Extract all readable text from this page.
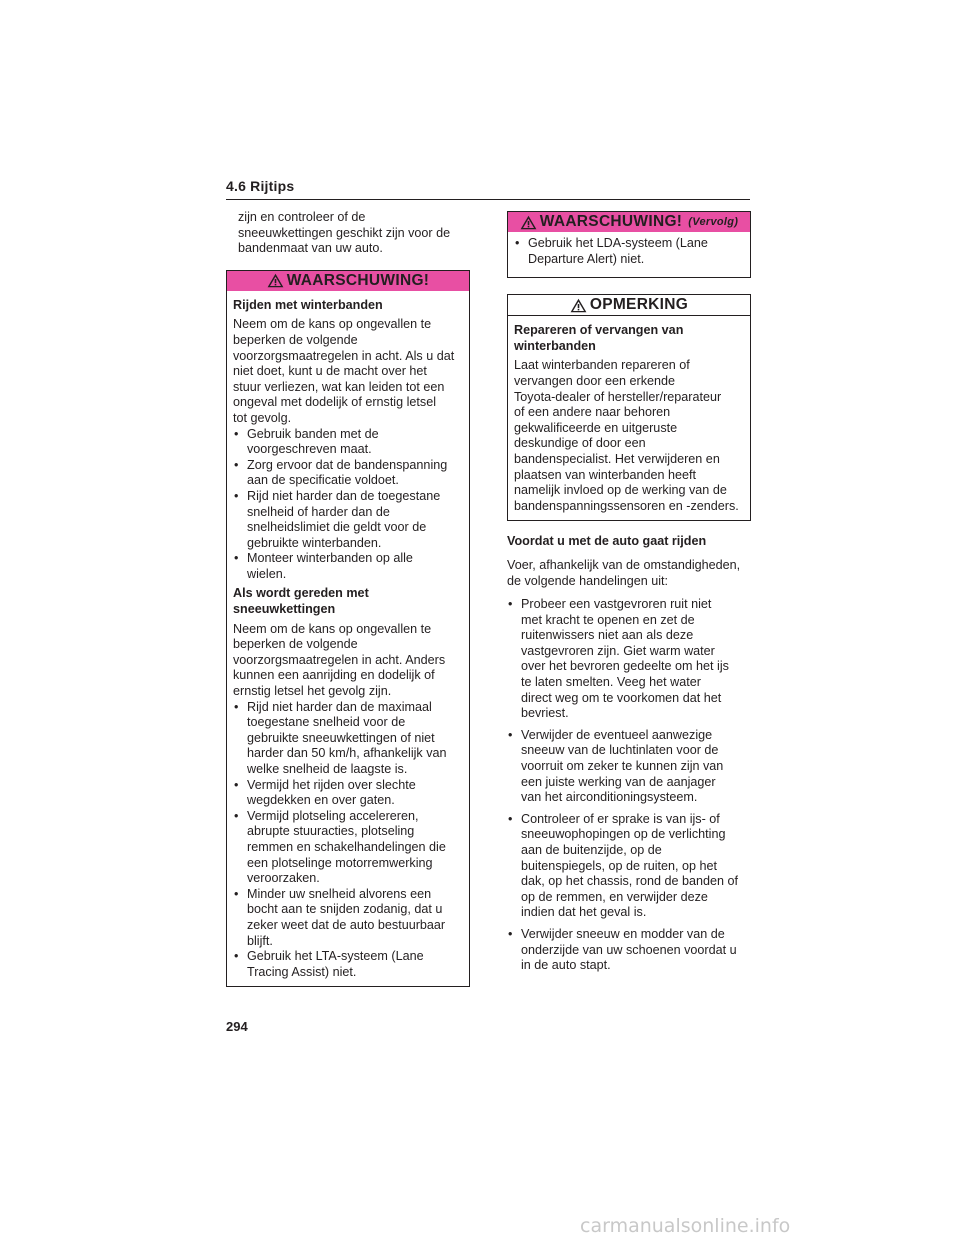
4.6 Rijtips
zijn en controleer of de
sneeuwkettingen geschikt zijn voor de
bandenmaat van uw auto.
WAARSCHUWING!
Rijden met winterbanden
Neem om de kans op ongevallen te
beperken de volgende
voorzorgsmaatregelen in acht. Als u dat
niet doet, kunt u de macht over het
stuur verliezen, wat kan leiden tot een
ongeval met dodelijk of ernstig letsel
tot gevolg.
• Gebruik banden met de
voorgeschreven maat.
• Zorg ervoor dat de bandenspanning
aan de specificatie voldoet.
• Rijd niet harder dan de toegestane
snelheid of harder dan de
snelheidslimiet die geldt voor de
gebruikte winterbanden.
• Monteer winterbanden op alle
wielen.
Als wordt gereden met
sneeuwkettingen
Neem om de kans op ongevallen te
beperken de volgende
voorzorgsmaatregelen in acht. Anders
kunnen een aanrijding en dodelijk of
ernstig letsel het gevolg zijn.
• Rijd niet harder dan de maximaal
toegestane snelheid voor de
gebruikte sneeuwkettingen of niet
harder dan 50 km/h, afhankelijk van
welke snelheid de laagste is.
• Vermijd het rijden over slechte
wegdekken en over gaten.
• Vermijd plotseling accelereren,
abrupte stuuracties, plotseling
remmen en schakelhandelingen die
een plotselinge motorremwerking
veroorzaken.
• Minder uw snelheid alvorens een
bocht aan te snijden zodanig, dat u
zeker weet dat de auto bestuurbaar
blijft.
• Gebruik het LTA-systeem (Lane
Tracing Assist) niet.
WAARSCHUWING! (Vervolg)
• Gebruik het LDA-systeem (Lane
Departure Alert) niet.
OPMERKING
Repareren of vervangen van
winterbanden
Laat winterbanden repareren of
vervangen door een erkende
Toyota-dealer of hersteller/reparateur
of een andere naar behoren
gekwalificeerde en uitgeruste
deskundige of door een
bandenspecialist. Het verwijderen en
plaatsen van winterbanden heeft
namelijk invloed op de werking van de
bandenspanningssensoren en -zenders.
Voordat u met de auto gaat rijden
Voer, afhankelijk van de omstandigheden,
de volgende handelingen uit:
• Probeer een vastgevroren ruit niet
met kracht te openen en zet de
ruitenwissers niet aan als deze
vastgevroren zijn. Giet warm water
over het bevroren gedeelte om het ijs
te laten smelten. Veeg het water
direct weg om te voorkomen dat het
bevriest.
• Verwijder de eventueel aanwezige
sneeuw van de luchtinlaten voor de
voorruit om zeker te kunnen zijn van
een juiste werking van de aanjager
van het airconditioningsysteem.
• Controleer of er sprake is van ijs- of
sneeuwophopingen op de verlichting
aan de buitenzijde, op de
buitenspiegels, op de ruiten, op het
dak, op het chassis, rond de banden of
op de remmen, en verwijder deze
indien dat het geval is.
• Verwijder sneeuw en modder van de
onderzijde van uw schoenen voordat u
in de auto stapt.
294
carmanualsonline.info
